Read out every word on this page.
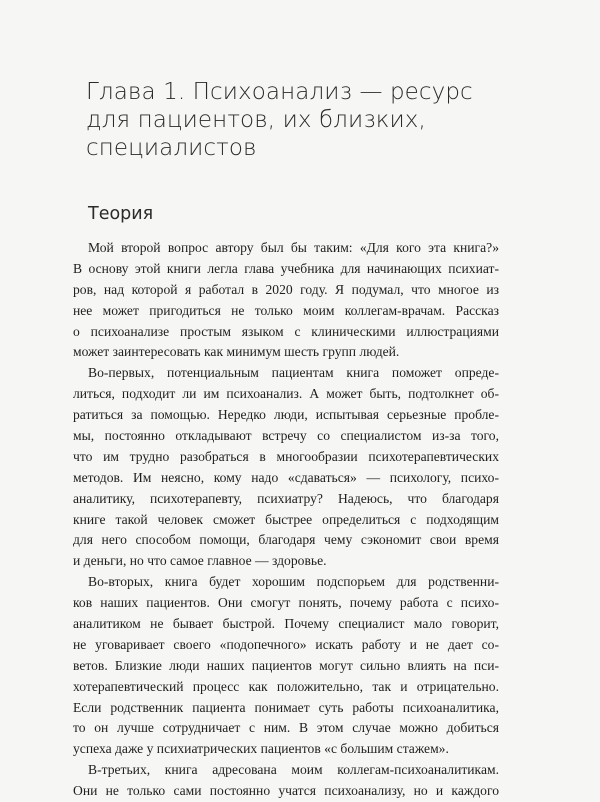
Глава 1. Психоанализ — ресурс
для пациентов, их близких,
специалистов
Теория
Мой второй вопрос автору был бы таким: «Для кого эта книга?»
В основу этой книги легла глава учебника для начинающих психиат-
ров, над которой я работал в 2020 году. Я подумал, что многое из
нее может пригодиться не только моим коллегам-врачам. Рассказ
о психоанализе простым языком с клиническими иллюстрациями
может заинтересовать как минимум шесть групп людей.
Во-первых, потенциальным пациентам книга поможет опреде-
литься, подходит ли им психоанализ. А может быть, подтолкнет об-
ратиться за помощью. Нередко люди, испытывая серьезные пробле-
мы, постоянно откладывают встречу со специалистом из-за того,
что им трудно разобраться в многообразии психотерапевтических
методов. Им неясно, кому надо «сдаваться» — психологу, психо-
аналитику, психотерапевту, психиатру? Надеюсь, что благодаря
книге такой человек сможет быстрее определиться с подходящим
для него способом помощи, благодаря чему сэкономит свои время
и деньги, но что самое главное — здоровье.
Во-вторых, книга будет хорошим подспорьем для родственни-
ков наших пациентов. Они смогут понять, почему работа с психо-
аналитиком не бывает быстрой. Почему специалист мало говорит,
не уговаривает своего «подопечного» искать работу и не дает со-
ветов. Близкие люди наших пациентов могут сильно влиять на пси-
хотерапевтический процесс как положительно, так и отрицательно.
Если родственник пациента понимает суть работы психоаналитика,
то он лучше сотрудничает с ним. В этом случае можно добиться
успеха даже у психиатрических пациентов «с большим стажем».
В-третьих, книга адресована моим коллегам-психоаналитикам.
Они не только сами постоянно учатся психоанализу, но и каждого
